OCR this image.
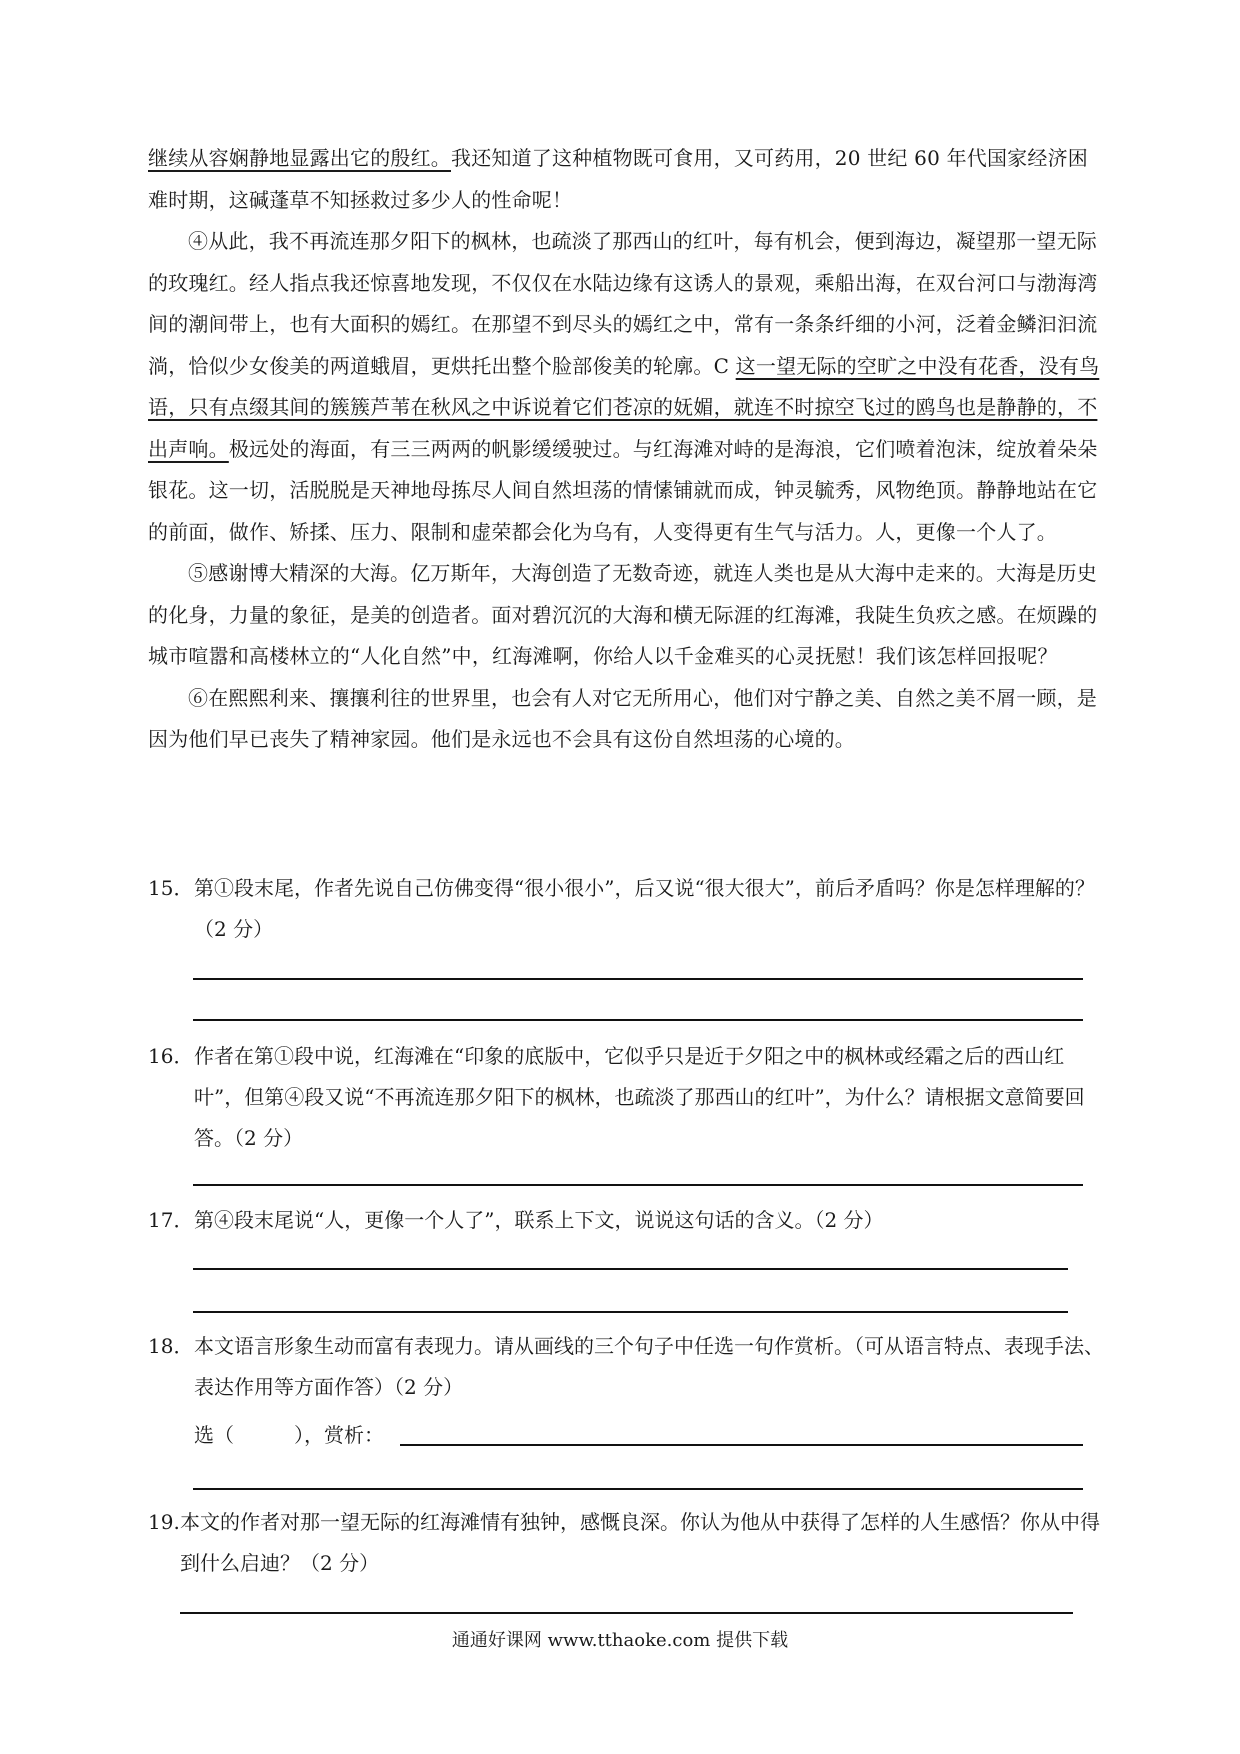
继续从容娴静地显露出它的殷红。我还知道了这种植物既可食用，又可药用，20 世纪 60 年代国家经济困难时期，这碱蓬草不知拯救过多少人的性命呢！

④从此，我不再流连那夕阳下的枫林，也疏淡了那西山的红叶，每有机会，便到海边，凝望那一望无际的玫瑰红。经人指点我还惊喜地发现，不仅仅在水陆边缘有这诱人的景观，乘船出海，在双台河口与渤海湾间的潮间带上，也有大面积的嫣红。在那望不到尽头的嫣红之中，常有一条条纤细的小河，泛着金鳞汩汩流淌，恰似少女俊美的两道蛾眉，更烘托出整个脸部俊美的轮廓。C 这一望无际的空旷之中没有花香，没有鸟语，只有点缀其间的簇簇芦苇在秋风之中诉说着它们苍凉的妩媚，就连不时掠空飞过的鸥鸟也是静静的，不出声响。极远处的海面，有三三两两的帆影缓缓驶过。与红海滩对峙的是海浪，它们喷着泡沫，绽放着朵朵银花。这一切，活脱脱是天神地母拣尽人间自然坦荡的情愫铺就而成，钟灵毓秀，风物绝顶。静静地站在它的前面，做作、矫揉、压力、限制和虚荣都会化为乌有，人变得更有生气与活力。人，更像一个人了。

⑤感谢博大精深的大海。亿万斯年，大海创造了无数奇迹，就连人类也是从大海中走来的。大海是历史的化身，力量的象征，是美的创造者。面对碧沉沉的大海和横无际涯的红海滩，我陡生负疚之感。在烦躁的城市喧嚣和高楼林立的“人化自然”中，红海滩啊，你给人以千金难买的心灵抚慰！我们该怎样回报呢？

⑥在熙熙利来、攘攘利往的世界里，也会有人对它无所用心，他们对宁静之美、自然之美不屑一顾，是因为他们早已丧失了精神家园。他们是永远也不会具有这份自然坦荡的心境的。

15． 第①段末尾，作者先说自己仿佛变得“很小很小”，后又说“很大很大”，前后矛盾吗？你是怎样理解的？（2 分）
16． 作者在第①段中说，红海滩在“印象的底版中，它似乎只是近于夕阳之中的枫林或经霜之后的西山红叶”，但第④段又说“不再流连那夕阳下的枫林，也疏淡了那西山的红叶”，为什么？请根据文意简要回答。（2 分）
17． 第④段末尾说“人，更像一个人了”，联系上下文，说说这句话的含义。（2 分）
18． 本文语言形象生动而富有表现力。请从画线的三个句子中任选一句作赏析。（可从语言特点、表现手法、表达作用等方面作答）（2 分）
选（　　　），赏析：
19. 本文的作者对那一望无际的红海滩情有独钟，感慨良深。你认为他从中获得了怎样的人生感悟？你从中得到什么启迪？（2 分）
通通好课网 www.tthaoke.com 提供下载
